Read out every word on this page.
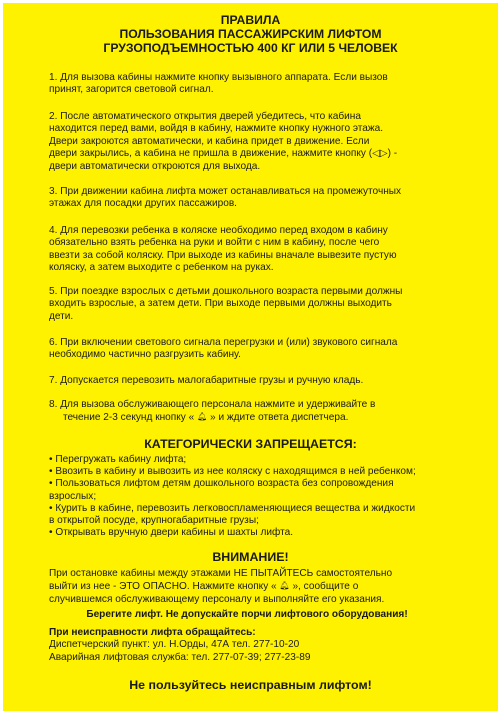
ПРАВИЛА
ПОЛЬЗОВАНИЯ ПАССАЖИРСКИМ ЛИФТОМ
ГРУЗОПОДЪЕМНОСТЬЮ 400 КГ ИЛИ 5 ЧЕЛОВЕК
1. Для вызова кабины нажмите кнопку вызывного аппарата. Если вызов
принят, загорится световой сигнал.
2. После автоматического открытия дверей убедитесь, что кабина
находится перед вами, войдя в кабину, нажмите кнопку нужного этажа.
Двери закроются автоматически, и кабина придет в движение. Если
двери закрылись, а кабина не пришла в движение, нажмите кнопку (◁▷) -
двери автоматически откроются для выхода.
3. При движении кабина лифта может останавливаться на промежуточных
этажах для посадки других пассажиров.
4. Для перевозки ребенка в коляске необходимо перед входом в кабину
обязательно взять ребенка на руки и войти с ним в кабину, после чего
ввезти за собой коляску. При выходе из кабины вначале вывезите пустую
коляску, а затем выходите с ребенком на руках.
5. При поездке взрослых с детьми дошкольного возраста первыми должны
входить взрослые, а затем дети. При выходе первыми должны выходить
дети.
6. При включении светового сигнала перегрузки и (или) звукового сигнала
необходимо частично разгрузить кабину.
7. Допускается перевозить малогабаритные грузы и ручную кладь.
8. Для вызова обслуживающего персонала нажмите и удерживайте в
течение 2-3 секунд кнопку « 🔔︎ » и ждите ответа диспетчера.
КАТЕГОРИЧЕСКИ ЗАПРЕЩАЕТСЯ:
• Перегружать кабину лифта;
• Ввозить в кабину и вывозить из нее коляску с находящимся в ней ребенком;
• Пользоваться лифтом детям дошкольного возраста без сопровождения
взрослых;
• Курить в кабине, перевозить легковоспламеняющиеся вещества и жидкости
в открытой посуде, крупногабаритные грузы;
• Открывать вручную двери кабины и шахты лифта.
ВНИМАНИЕ!
При остановке кабины между этажами НЕ ПЫТАЙТЕСЬ самостоятельно
выйти из нее - ЭТО ОПАСНО. Нажмите кнопку « 🔔︎ », сообщите о
случившемся обслуживающему персоналу и выполняйте его указания.
Берегите лифт. Не допускайте порчи лифтового оборудования!
При неисправности лифта обращайтесь:
Диспетчерский пункт: ул. Н.Орды, 47А тел. 277-10-20
Аварийная лифтовая служба: тел. 277-07-39; 277-23-89
Не пользуйтесь неисправным лифтом!
